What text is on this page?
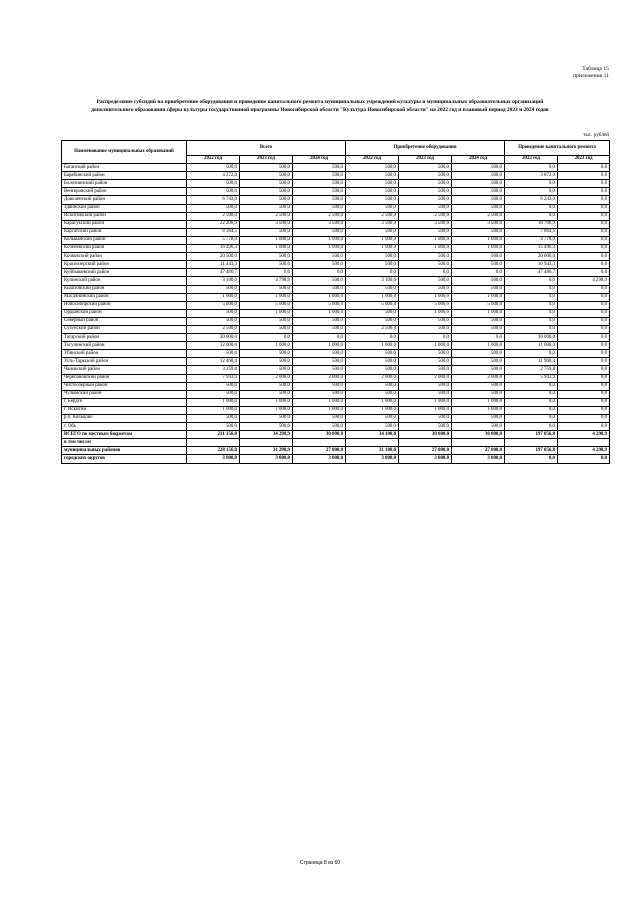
Таблица 15
приложения 11
Распределение субсидий на приобретение оборудования и проведение капитального ремонта муниципальных учреждений культуры и муниципальных образовательных организаций
дополнительного образования сферы культуры государственной программы Новосибирской области "Культура Новосибирской области" на 2022 год и плановый период 2023 и 2024 годов
тыс. рублей
Наименование муниципальных образований	Всего			Приобретение оборудования			Проведение капитального ремонта	
	2022 год	2023 год	2024 год	2022 год	2023 год	2024 год	2022 год	2023 год
Баганский район	500,0	500,0	500,0	500,0	500,0	500,0	0,0	0,0
Барабинский район	4 372,0	500,0	500,0	500,0	500,0	500,0	3 872,0	0,0
Болотнинский район	500,0	500,0	500,0	500,0	500,0	500,0	0,0	0,0
Венгеровский район	500,0	500,0	500,0	500,0	500,0	500,0	0,0	0,0
Доволенский район	6 743,0	500,0	500,0	500,0	500,0	500,0	6 243,0	0,0
Здвинский район	500,0	500,0	500,0	500,0	500,0	500,0	0,0	0,0
Искитимский район	2 500,0	2 500,0	2 500,0	2 500,0	2 500,0	2 500,0	0,0	0,0
Карасукский район	22 206,9	3 500,0	3 500,0	3 500,0	3 500,0	3 500,0	18 706,9	0,0
Каргатский район	8 364,5	500,0	500,0	500,0	500,0	500,0	7 864,5	0,0
Колыванский район	5 778,0	1 000,0	1 000,0	1 000,0	1 000,0	1 000,0	4 778,0	0,0
Коченевский район	16 496,3	1 000,0	1 000,0	1 000,0	1 000,0	1 000,0	15 496,3	0,0
Кочковский район	20 500,0	500,0	500,0	500,0	500,0	500,0	20 000,0	0,0
Краснозерский район	11 443,3	500,0	500,0	500,0	500,0	500,0	10 943,3	0,0
Куйбышевский район	47 486,7	0,0	0,0	0,0	0,0	0,0	47 486,7	0,0
Купинский район	3 100,0	4 798,9	500,0	3 100,0	500,0	500,0	0,0	4 298,9
Кыштовский район	500,0	500,0	500,0	500,0	500,0	500,0	0,0	0,0
Маслянинский район	1 000,0	1 000,0	1 000,0	1 000,0	1 000,0	1 000,0	0,0	0,0
Новосибирский район	5 000,0	5 000,0	5 000,0	5 000,0	5 000,0	5 000,0	0,0	0,0
Ордынский район	500,0	1 000,0	1 000,0	500,0	1 000,0	1 000,0	0,0	0,0
Северный район	500,0	500,0	500,0	500,0	500,0	500,0	0,0	0,0
Сузунский район	2 500,0	500,0	500,0	2 500,0	500,0	500,0	0,0	0,0
Татарский район	30 000,0	0,0	0,0	0,0	0,0	0,0	30 000,0	0,0
Тогучинский район	12 000,0	1 000,0	1 000,0	1 000,0	1 000,0	1 000,0	11 000,0	0,0
Убинский район	500,0	500,0	500,0	500,0	500,0	500,0	0,0	0,0
Усть-Таркский район	12 468,4	500,0	500,0	500,0	500,0	500,0	11 968,4	0,0
Чановский район	3 259,8	500,0	500,0	500,0	500,0	500,0	2 759,8	0,0
Черепановский район	7 943,9	2 000,0	2 000,0	2 000,0	2 000,0	2 000,0	5 943,9	0,0
Чистоозерный район	500,0	500,0	500,0	500,0	500,0	500,0	0,0	0,0
Чулымский район	500,0	500,0	500,0	500,0	500,0	500,0	0,0	0,0
г. Бердск	1 000,0	1 000,0	1 000,0	1 000,0	1 000,0	1 000,0	0,0	0,0
г. Искитим	1 000,0	1 000,0	1 000,0	1 000,0	1 000,0	1 000,0	0,0	0,0
р.п. Кольцово	500,0	500,0	500,0	500,0	500,0	500,0	0,0	0,0
г. Обь	500,0	500,0	500,0	500,0	500,0	500,0	0,0	0,0
ВСЕГО по местным бюджетам	231 156,8	34 298,9	30 000,0	34 100,0	30 000,0	30 000,0	197 056,8	4 298,9
в том числе:								
муниципальных районов	228 156,8	31 298,9	27 000,0	31 100,0	27 000,0	27 000,0	197 056,8	4 298,9
городских округов	3 000,0	3 000,0	3 000,0	3 000,0	3 000,0	3 000,0	0,0	0,0
Страница 8 из 60
